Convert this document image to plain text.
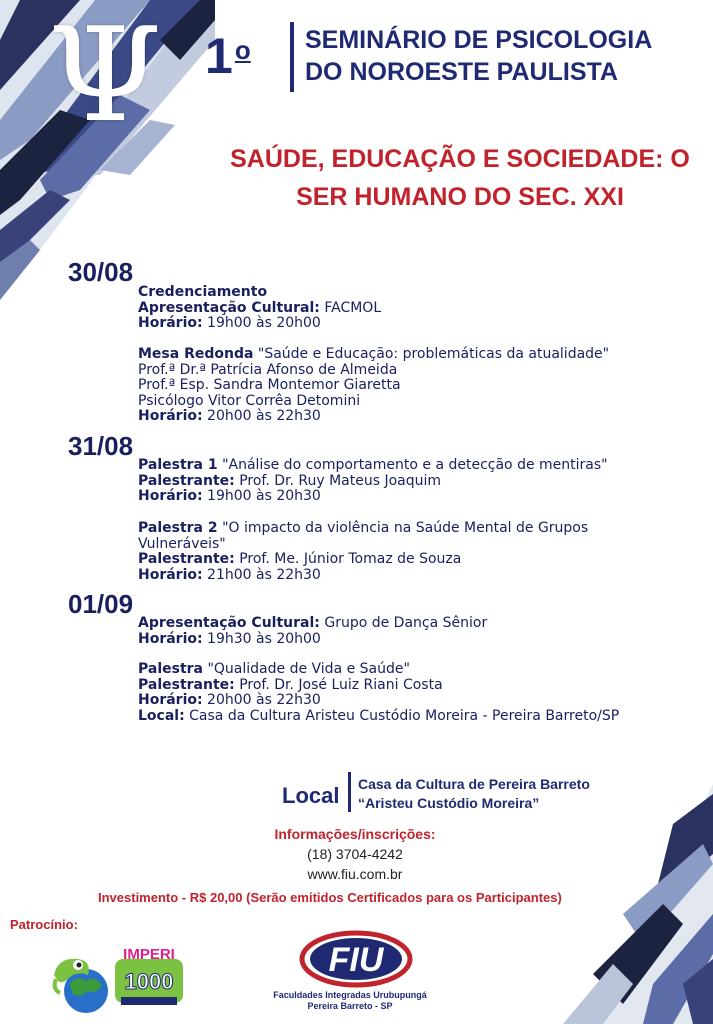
Ψ 1$^o$ SEMINÁRIO DE PSICOLOGIA
DO NOROESTE PAULISTA
SAÚDE, EDUCAÇÃO E SOCIEDADE: O
SER HUMANO DO SEC. XXI
30/08
Credenciamento
Apresentação Cultural: FACMOL
Horário: 19h00 às 20h00
Mesa Redonda "Saúde e Educação: problemáticas da atualidade"
Prof.ª Dr.ª Patrícia Afonso de Almeida
Prof.ª Esp. Sandra Montemor Giaretta
Psicólogo Vitor Corrêa Detomini
Horário: 20h00 às 22h30
31/08
Palestra 1 "Análise do comportamento e a detecção de mentiras"
Palestrante: Prof. Dr. Ruy Mateus Joaquim
Horário: 19h00 às 20h30
Palestra 2 "O impacto da violência na Saúde Mental de Grupos Vulneráveis"
Palestrante: Prof. Me. Júnior Tomaz de Souza
Horário: 21h00 às 22h30
01/09
Apresentação Cultural: Grupo de Dança Sênior
Horário: 19h30 às 20h00
Palestra "Qualidade de Vida e Saúde"
Palestrante: Prof. Dr. José Luiz Riani Costa
Horário: 20h00 às 22h30
Local: Casa da Cultura Aristeu Custódio Moreira - Pereira Barreto/SP
Local Casa da Cultura de Pereira Barreto
“Aristeu Custódio Moreira”
Informações/inscrições:
(18) 3704-4242
www.fiu.com.br
Investimento - R$ 20,00 (Serão emitidos Certificados para os Participantes)
Patrocínio:
IMPERI
1000
FIU
Faculdades Integradas Urubupungá
Pereira Barreto - SP
